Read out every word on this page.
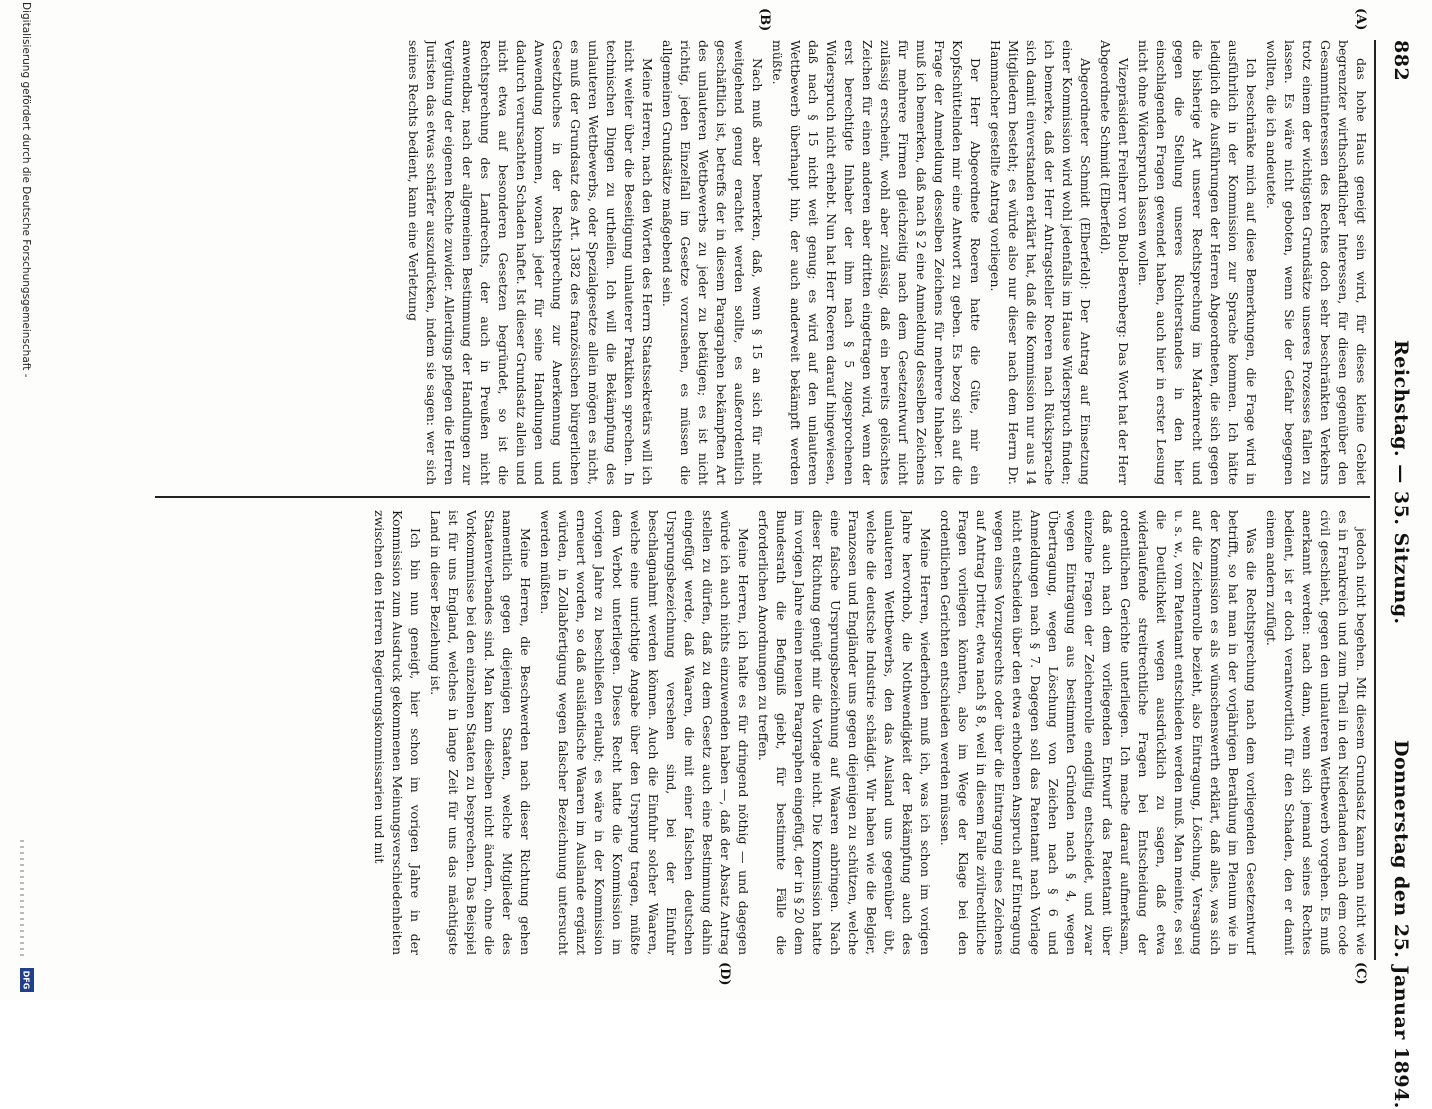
882
Reichstag. — 35. Sitzung.
Donnerstag den 25. Januar 1894.
(A)
(B)
(C)
(D)

das hohe Haus geneigt sein wird, für dieses kleine Gebiet begrenzter wirthschaftlicher Interessen, für diesen gegenüber den Gesammtinteressen des Rechtes doch sehr beschränkten Verkehrs trotz einem der wichtigsten Grundsätze unseres Prozesses fallen zu lassen. Es wäre nicht geboten, wenn Sie der Gefahr begegnen wollten, die ich andeutete.

Ich beschränke mich auf diese Bemerkungen, die Frage wird in ausführlich in der Kommission zur Sprache kommen. Ich hätte lediglich die Ausführungen der Herren Abgeordneten, die sich gegen die bisherige Art unserer Rechtsprechung im Markenrecht und gegen die Stellung unseres Richterstandes in den hier einschlagenden Fragen gewendet haben, auch hier in erster Lesung nicht ohne Widerspruch lassen wollen.

Vizepräsident Freiherr von Buol-Berenberg: Das Wort hat der Herr Abgeordnete Schmidt (Elberfeld).

Abgeordneter Schmidt (Elberfeld): Der Antrag auf Einsetzung einer Kommission wird wohl jedenfalls im Hause Widerspruch finden; ich bemerke, daß der Herr Antragsteller Roeren nach Rücksprache sich damit einverstanden erklärt hat, daß die Kommission nur aus 14 Mitgliedern besteht; es würde also nur dieser nach dem Herrn Dr. Hammacher gestellte Antrag vorliegen.

Der Herr Abgeordnete Roeren hatte die Güte, mir ein Kopfschüttelnden mir eine Antwort zu geben. Es bezog sich auf die Frage der Anmeldung desselben Zeichens für mehrere Inhaber. Ich muß ich bemerken, daß nach § 2 eine Anmeldung desselben Zeichens für mehrere Firmen gleichzeitig nach dem Gesetzentwurf nicht zulässig erscheint, wohl aber zulässig, daß ein bereits gelöschtes Zeichen für einen anderen aber dritten eingetragen wird, wenn der erst berechtigte Inhaber der ihm nach § 5 zugesprochenen Widerspruch nicht erhebt. Nun hat Herr Roeren darauf hingewiesen, daß nach § 15 nicht weit genug; es wird auf den unlauteren Wettbewerb überhaupt hin, der auch anderweit bekämpft werden müßte.

Nach muß aber bemerken, daß, wenn § 15 an sich für nicht weitgehend genug erachtet werden sollte, es außerordentlich geschäftlich ist, betreffs der in diesem Paragraphen bekämpften Art des unlauteren Wettbewerbs zu jeder zu betätigen; es ist nicht richtig, jeden Einzelfall im Gesetze vorzusehen, es müssen die allgemeinen Grundsätze maßgebend sein.

Meine Herren, nach den Worten des Herrn Staatssekretärs will ich nicht weiter über die Beseitigung unlauterer Praktiken sprechen. In technischen Dingen zu urtheilen. Ich will die Bekämpfung des unlauteren Wettbewerbs, oder Spezialgesetze allein mögen es nicht, es muß der Grundsatz des Art. 1382 des französischen bürgerlichen Gesetzbuches in der Rechtsprechung zur Anerkennung und Anwendung kommen, wonach jeder für seine Handlungen und dadurch verursachten Schaden haftet. Ist dieser Grundsatz allein und nicht etwa auf besonderen Gesetzen begründet, so ist die Rechtsprechung des Landrechts, der auch in Preußen nicht anwendbar, nach der allgemeinen Bestimmung der Handlungen zur Vergütung der eigenen Rechte zuwider. Allerdings pflegen die Herren Juristen das etwas schärfer auszudrücken, indem sie sagen: wer sich seines Rechts bedient, kann eine Verletzung

jedoch nicht begehen. Mit diesem Grundsatz kann man nicht wie es in Frankreich und zum Theil in den Niederlanden nach dem code civil geschieht, gegen den unlauteren Wettbewerb vorgehen. Es muß anerkannt werden: nach dann, wenn sich jemand seines Rechtes bedient, ist er doch verantwortlich für den Schaden, den er damit einem andern zufügt.

Was die Rechtsprechung nach dem vorliegenden Gesetzentwurf betrifft, so hat man in der vorjährigen Berathung im Plenum wie in der Kommission es als wünschenswerth erklärt, daß alles, was sich auf die Zeichenrolle bezieht, also Eintragung, Löschung, Versagung u. s. w., vom Patentamt entschieden werden muß. Man meinte, es sei die Deutlichkeit wegen ausdrücklich zu sagen, daß etwa widerlaufende streitrechtliche Fragen bei Entscheidung der ordentlichen Gerichte unterliegen. Ich mache darauf aufmerksam, daß auch nach dem vorliegenden Entwurf das Patentamt über einzelne Fragen der Zeichenrolle endgiltig entscheidet, und zwar wegen Eintragung aus bestimmten Gründen nach § 4, wegen Übertragung, wegen Löschung von Zeichen nach § 6 und Anmeldungen nach § 7. Dagegen soll das Patentamt nach Vorlage nicht entscheiden über den etwa erhobenen Anspruch auf Eintragung wegen eines Vorzugsrechts oder über die Eintragung eines Zeichens auf Antrag Dritter, etwa nach § 8, weil in diesem Falle zivilrechtliche Fragen vorliegen könnten, also im Wege der Klage bei den ordentlichen Gerichten entschieden werden müssen.

Meine Herren, wiederholen muß ich, was ich schon im vorigen Jahre hervorhob, die Nothwendigkeit der Bekämpfung auch des unlauteren Wettbewerbs, den das Ausland uns gegenüber übt, welche die deutsche Industrie schädigt. Wir haben wie die Belgier, Franzosen und Engländer uns gegen diejenigen zu schützen, welche eine falsche Ursprungsbezeichnung auf Waaren anbringen. Nach dieser Richtung genügt mir die Vorlage nicht. Die Kommission hatte im vorigen Jahre einen neuen Paragraphen eingefügt, der in § 20 dem Bundesrath die Befugniß giebt, für bestimmte Fälle die erforderlichen Anordnungen zu treffen.

Meine Herren, ich halte es für dringend nöthig — und dagegen würde ich auch nichts einzuwenden haben —, daß der Absatz Antrag stellen zu dürfen, daß zu dem Gesetz auch eine Bestimmung dahin eingefügt werde, daß Waaren, die mit einer falschen deutschen Ursprungsbezeichnung versehen sind, bei der Einfuhr beschlagnahmt werden können. Auch die Einfuhr solcher Waaren, welche eine unrichtige Angabe über den Ursprung tragen, müßte dem Verbot unterliegen. Dieses Recht hatte die Kommission im vorigen Jahre zu beschließen erlaubt; es wäre in der Kommission erneuert worden, so daß ausländische Waaren im Auslande ergänzt würden, in Zollabfertigung wegen falscher Bezeichnung untersucht werden müßten.

Meine Herren, die Beschwerden nach dieser Richtung gehen namentlich gegen diejenigen Staaten, welche Mitglieder des Staatenverbandes sind. Man kann dieselben nicht ändern, ohne die Vorkommnisse bei den einzelnen Staaten zu besprechen. Das Beispiel ist für uns England, welches in lange Zeit für uns das mächtigste Land in dieser Beziehung ist.

Ich bin nun geneigt, hier schon im vorigen Jahre in der Kommission zum Ausdruck gekommenen Meinungsverschiedenheiten zwischen den Herren Regierungskommissarien und mit

Digitalisierung gefördert durch die Deutsche Forschungsgemeinschaft -
DFG
